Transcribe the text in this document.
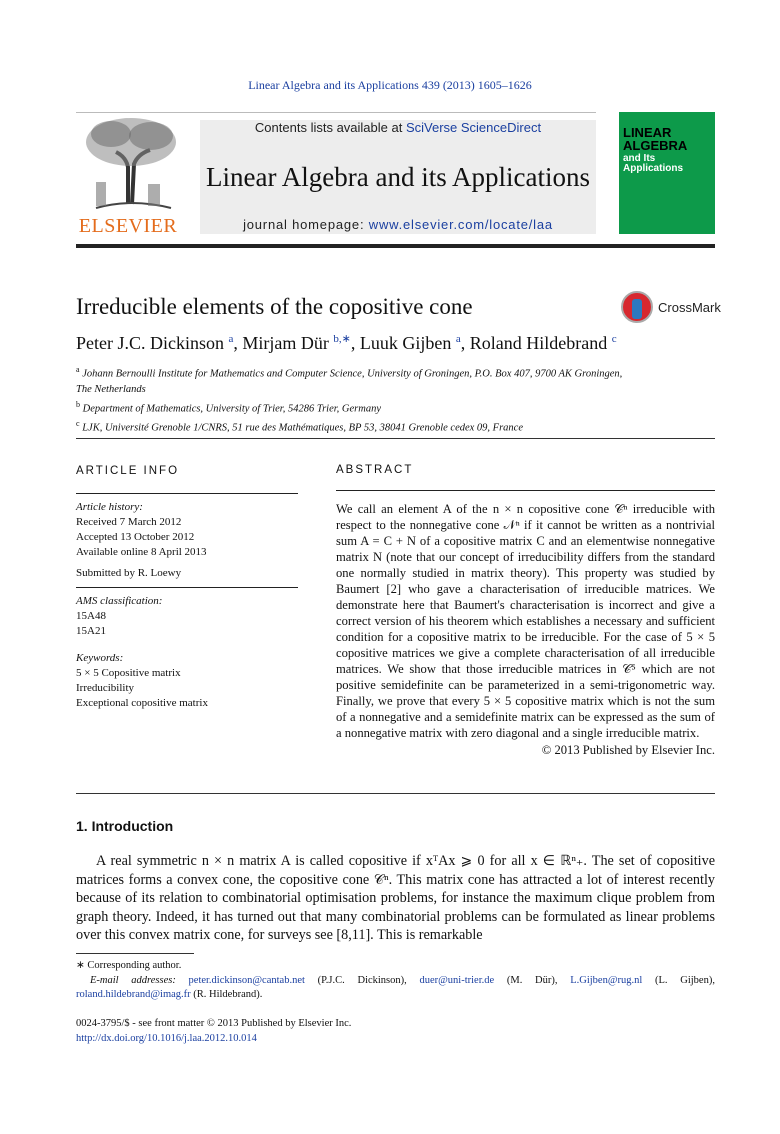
Linear Algebra and its Applications 439 (2013) 1605–1626
ELSEVIER
Contents lists available at SciVerse ScienceDirect
Linear Algebra and its Applications
journal homepage: www.elsevier.com/locate/laa
LINEAR
ALGEBRA
and Its
Applications
Irreducible elements of the copositive cone	CrossMark
Peter J.C. Dickinson $^a$, Mirjam Dür $^{b,∗}$, Luuk Gijben $^a$, Roland Hildebrand $^c$
$^a$ Johann Bernoulli Institute for Mathematics and Computer Science, University of Groningen, P.O. Box 407, 9700 AK Groningen,
The Netherlands
$^b$ Department of Mathematics, University of Trier, 54286 Trier, Germany
$^c$ LJK, Université Grenoble 1/CNRS, 51 rue des Mathématiques, BP 53, 38041 Grenoble cedex 09, France
ARTICLE INFO

Article history:

Received 7 March 2012

Accepted 13 October 2012

Available online 8 April 2013

Submitted by R. Loewy

AMS classification:

15A48

15A21

Keywords:

5 × 5 Copositive matrix

Irreducibility

Exceptional copositive matrix

ABSTRACT

We call an element A of the n × n copositive cone 𝒞ⁿ irreducible with respect to the nonnegative cone 𝒩ⁿ if it cannot be written as a nontrivial sum A = C + N of a copositive matrix C and an elementwise nonnegative matrix N (note that our concept of irreducibility differs from the standard one normally studied in matrix theory). This property was studied by Baumert [2] who gave a characterisation of irreducible matrices. We demonstrate here that Baumert's characterisation is incorrect and give a correct version of his theorem which establishes a necessary and sufficient condition for a copositive matrix to be irreducible. For the case of 5 × 5 copositive matrices we give a complete characterisation of all irreducible matrices. We show that those irreducible matrices in 𝒞⁵ which are not positive semidefinite can be parameterized in a semi-trigonometric way. Finally, we prove that every 5 × 5 copositive matrix which is not the sum of a nonnegative and a semidefinite matrix can be expressed as the sum of a nonnegative matrix with zero diagonal and a single irreducible matrix.

© 2013 Published by Elsevier Inc.
1. Introduction

A real symmetric n × n matrix A is called copositive if xᵀAx ⩾ 0 for all x ∈ ℝⁿ₊. The set of copositive matrices forms a convex cone, the copositive cone 𝒞ⁿ. This matrix cone has attracted a lot of interest recently because of its relation to combinatorial optimisation problems, for instance the maximum clique problem from graph theory. Indeed, it has turned out that many combinatorial problems can be formulated as linear problems over this convex matrix cone, for surveys see [8,11]. This is remarkable

∗ Corresponding author.

E-mail addresses: peter.dickinson@cantab.net (P.J.C. Dickinson), duer@uni-trier.de (M. Dür), L.Gijben@rug.nl (L. Gijben), roland.hildebrand@imag.fr (R. Hildebrand).

0024-3795/$ - see front matter © 2013 Published by Elsevier Inc.
http://dx.doi.org/10.1016/j.laa.2012.10.014
